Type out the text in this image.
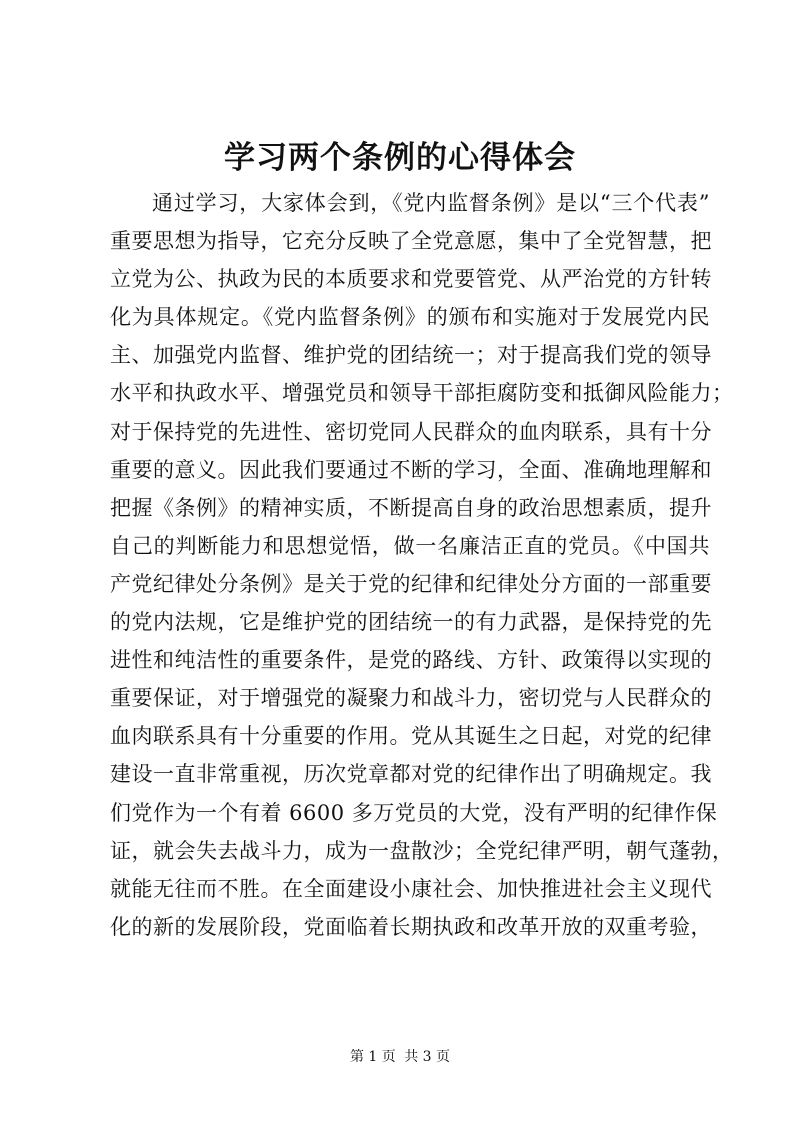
学习两个条例的心得体会
通过学习，大家体会到，《党内监督条例》是以“三个代表”
重要思想为指导，它充分反映了全党意愿，集中了全党智慧，把
立党为公、执政为民的本质要求和党要管党、从严治党的方针转
化为具体规定。《党内监督条例》的颁布和实施对于发展党内民
主、加强党内监督、维护党的团结统一；对于提高我们党的领导
水平和执政水平、增强党员和领导干部拒腐防变和抵御风险能力；
对于保持党的先进性、密切党同人民群众的血肉联系，具有十分
重要的意义。因此我们要通过不断的学习，全面、准确地理解和
把握《条例》的精神实质，不断提高自身的政治思想素质，提升
自己的判断能力和思想觉悟，做一名廉洁正直的党员。《中国共
产党纪律处分条例》是关于党的纪律和纪律处分方面的一部重要
的党内法规，它是维护党的团结统一的有力武器，是保持党的先
进性和纯洁性的重要条件，是党的路线、方针、政策得以实现的
重要保证，对于增强党的凝聚力和战斗力，密切党与人民群众的
血肉联系具有十分重要的作用。党从其诞生之日起，对党的纪律
建设一直非常重视，历次党章都对党的纪律作出了明确规定。我
们党作为一个有着 6600 多万党员的大党，没有严明的纪律作保
证，就会失去战斗力，成为一盘散沙；全党纪律严明，朝气蓬勃，
就能无往而不胜。在全面建设小康社会、加快推进社会主义现代
化的新的发展阶段，党面临着长期执政和改革开放的双重考验，
第 1 页 共 3 页
